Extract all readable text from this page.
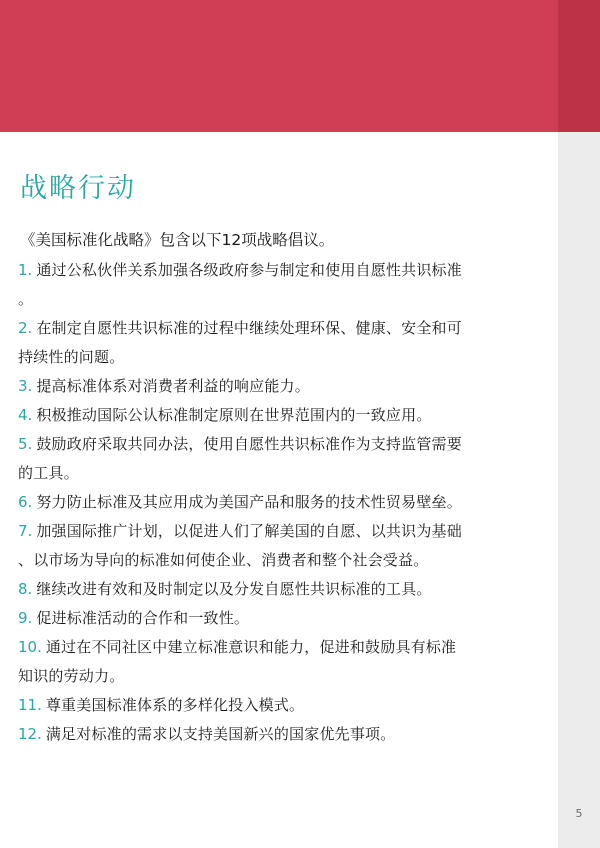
5
战略行动
《美国标准化战略》包含以下12项战略倡议。
1. 通过公私伙伴关系加强各级政府参与制定和使用自愿性共识标准
。
2. 在制定自愿性共识标准的过程中继续处理环保、健康、安全和可
持续性的问题。
3. 提高标准体系对消费者利益的响应能力。
4. 积极推动国际公认标准制定原则在世界范围内的一致应用。
5. 鼓励政府采取共同办法，使用自愿性共识标准作为支持监管需要
的工具。
6. 努力防止标准及其应用成为美国产品和服务的技术性贸易壁垒。
7. 加强国际推广计划，以促进人们了解美国的自愿、以共识为基础
、以市场为导向的标准如何使企业、消费者和整个社会受益。
8. 继续改进有效和及时制定以及分发自愿性共识标准的工具。
9. 促进标准活动的合作和一致性。
10. 通过在不同社区中建立标准意识和能力，促进和鼓励具有标准
知识的劳动力。
11. 尊重美国标准体系的多样化投入模式。
12. 满足对标准的需求以支持美国新兴的国家优先事项。
